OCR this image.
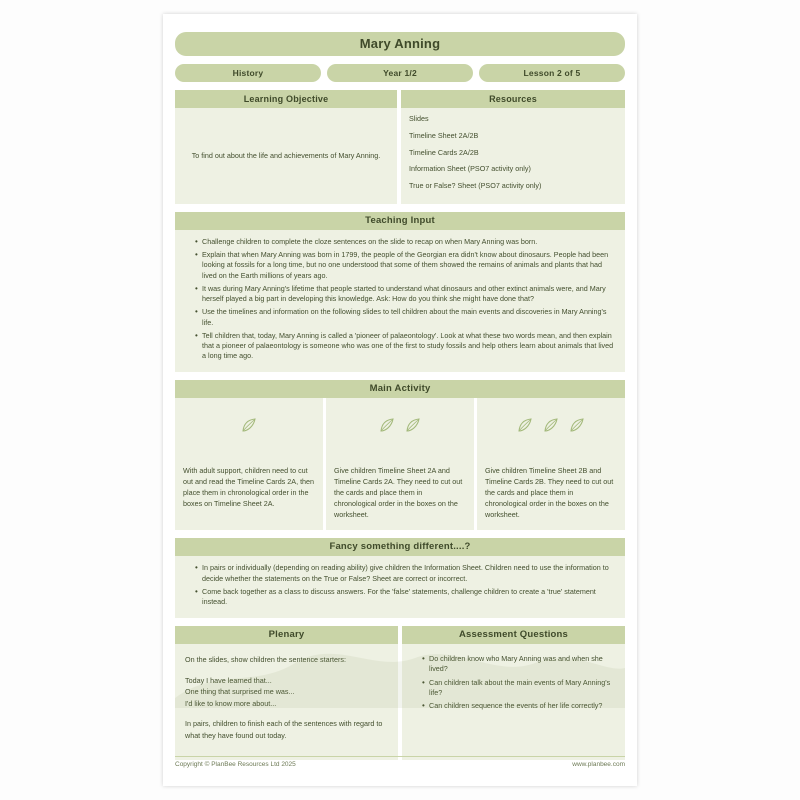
Mary Anning
History	Year 1/2	Lesson 2 of 5
Learning Objective	Resources
To find out about the life and achievements of Mary Anning.
Slides
Timeline Sheet 2A/2B
Timeline Cards 2A/2B
Information Sheet (PSO7 activity only)
True or False? Sheet (PSO7 activity only)
Teaching Input
• Challenge children to complete the cloze sentences on the slide to recap on when Mary Anning was born.
• Explain that when Mary Anning was born in 1799, the people of the Georgian era didn't know about dinosaurs. People had been looking at fossils for a long time, but no one understood that some of them showed the remains of animals and plants that had lived on the Earth millions of years ago.
• It was during Mary Anning's lifetime that people started to understand what dinosaurs and other extinct animals were, and Mary herself played a big part in developing this knowledge. Ask: How do you think she might have done that?
• Use the timelines and information on the following slides to tell children about the main events and discoveries in Mary Anning's life.
• Tell children that, today, Mary Anning is called a 'pioneer of palaeontology'. Look at what these two words mean, and then explain that a pioneer of palaeontology is someone who was one of the first to study fossils and help others learn about animals that lived a long time ago.
Main Activity
With adult support, children need to cut out and read the Timeline Cards 2A, then place them in chronological order in the boxes on Timeline Sheet 2A.
Give children Timeline Sheet 2A and Timeline Cards 2A. They need to cut out the cards and place them in chronological order in the boxes on the worksheet.
Give children Timeline Sheet 2B and Timeline Cards 2B. They need to cut out the cards and place them in chronological order in the boxes on the worksheet.
Fancy something different....?
• In pairs or individually (depending on reading ability) give children the Information Sheet. Children need to use the information to decide whether the statements on the True or False? Sheet are correct or incorrect.
• Come back together as a class to discuss answers. For the 'false' statements, challenge children to create a 'true' statement instead.
Plenary	Assessment Questions

On the slides, show children the sentence starters:

Today I have learned that...
One thing that surprised me was...
I'd like to know more about...

In pairs, children to finish each of the sentences with regard to what they have found out today.

• Do children know who Mary Anning was and when she lived?
• Can children talk about the main events of Mary Anning's life?
• Can children sequence the events of her life correctly?
Copyright © PlanBee Resources Ltd 2025	www.planbee.com
